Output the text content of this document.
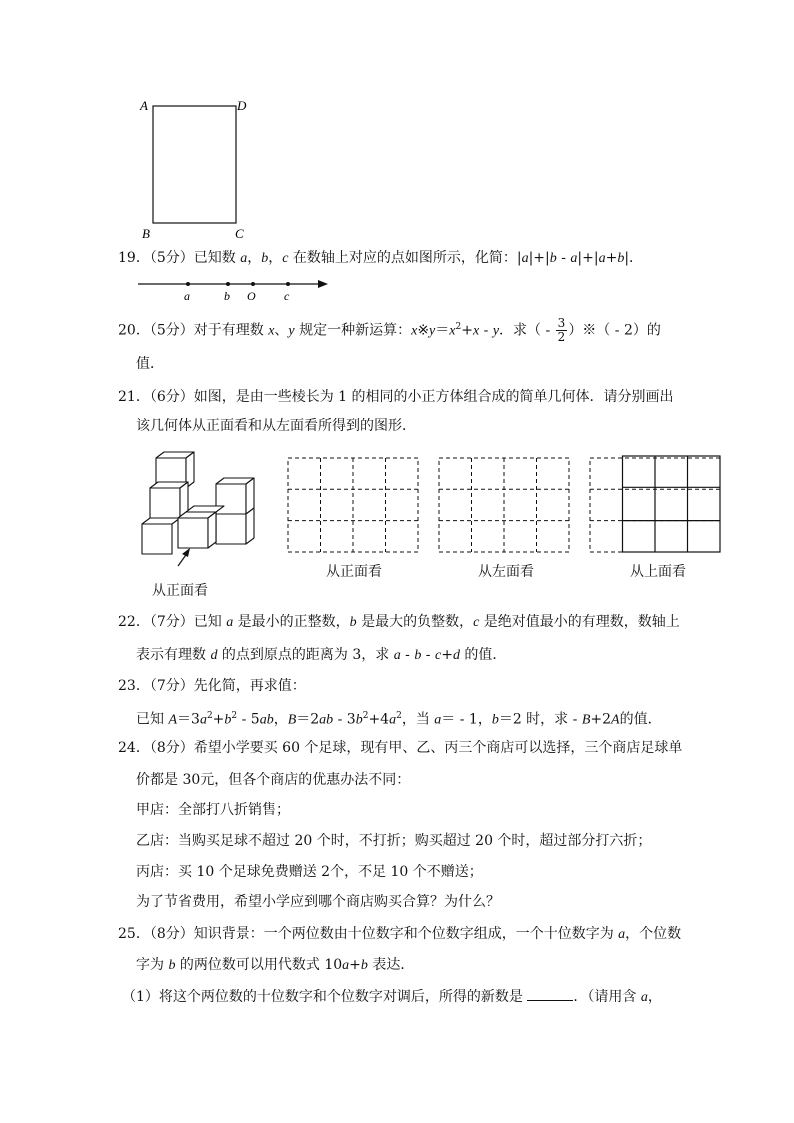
A	D
B	C
19．（5分）已知数 a，b，c 在数轴上对应的点如图所示，化简：|a|+|b - a|+|a+b|．
a	b O c
20．（5分）对于有理数 x、y 规定一种新运算：$x※y=x^2+x - y$．求（ - $\frac{3}{2}$ ）※（ - 2）的
值．
21．（6分）如图，是由一些棱长为 1 的相同的小正方体组合成的简单几何体．请分别画出
该几何体从正面看和从左面看所得到的图形．
从正面看
从正面看	从左面看	从上面看
22．（7分）已知 a 是最小的正整数，b 是最大的负整数，c 是绝对值最小的有理数，数轴上
表示有理数 d 的点到原点的距离为 3，求 a - b - c+d 的值．
23．（7分）先化简，再求值：
已知 $A=3a^2+b^2 - 5ab$，$B=2ab - 3b^2+4a^2$，当 a＝ - 1，b＝2 时，求 - B+2A的值．
24．（8分）希望小学要买 60 个足球，现有甲、乙、丙三个商店可以选择，三个商店足球单
价都是 30元，但各个商店的优惠办法不同：
甲店：全部打八折销售；
乙店：当购买足球不超过 20 个时，不打折；购买超过 20 个时，超过部分打六折；
丙店：买 10 个足球免费赠送 2个，不足 10 个不赠送；
为了节省费用，希望小学应到哪个商店购买合算？为什么？
25．（8分）知识背景：一个两位数由十位数字和个位数字组成，一个十位数字为 a，个位数
字为 b 的两位数可以用代数式 10a+b 表达．
（1）将这个两位数的十位数字和个位数字对调后，所得的新数是	．（请用含 a，
